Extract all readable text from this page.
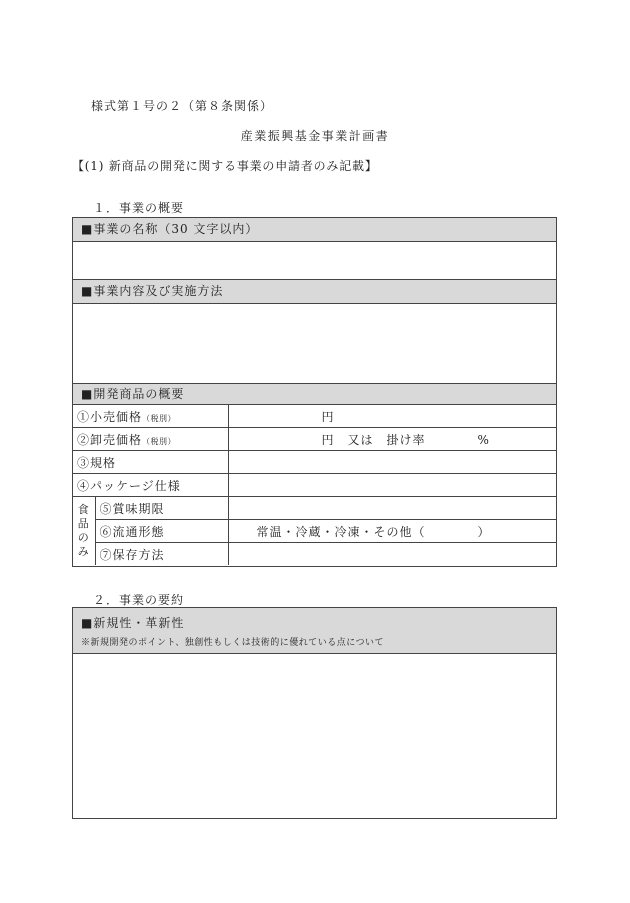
様式第１号の２（第８条関係）
産業振興基金事業計画書
【(1) 新商品の開発に関する事業の申請者のみ記載】
１．事業の概要
■事業の名称（30 文字以内）
■事業内容及び実施方法
■開発商品の概要
①小売価格（税別）		円
②卸売価格（税別）		円　又は　掛け率　　　　%
③規格		
④パッケージ仕様		
食品のみ	⑤賞味期限	
	⑥流通形態	常温・冷蔵・冷凍・その他（　　　　）
	⑦保存方法	
２．事業の要約
■新規性・革新性
※新規開発のポイント、独創性もしくは技術的に優れている点について
